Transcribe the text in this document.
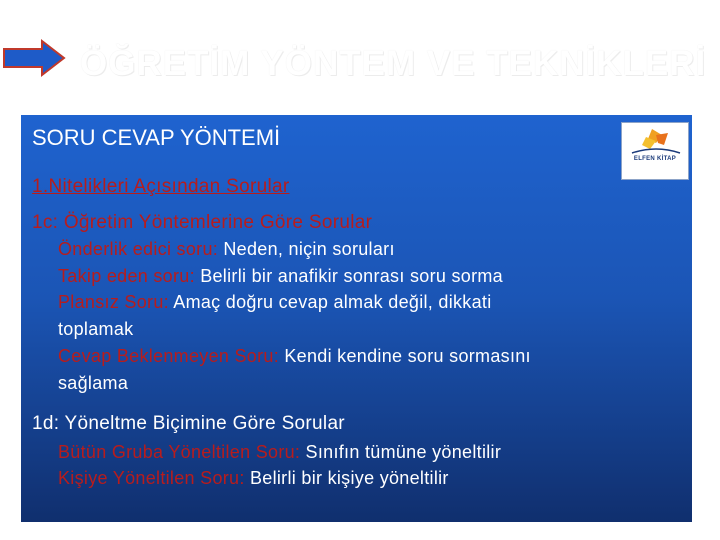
ÖĞRETİM YÖNTEM VE TEKNİKLERİ
SORU CEVAP YÖNTEMİ
ELFEN KİTAP
1.Nitelikleri Açısından Sorular
1c: Öğretim Yöntemlerine Göre Sorular
Önderlik edici soru: Neden, niçin soruları
Takip eden soru: Belirli bir anafikir sonrası soru sorma
Plansız Soru: Amaç doğru cevap almak değil, dikkati
toplamak
Cevap Beklenmeyen Soru: Kendi kendine soru sormasını
sağlama
1d: Yöneltme Biçimine Göre Sorular
Bütün Gruba Yöneltilen Soru: Sınıfın tümüne yöneltilir
Kişiye Yöneltilen Soru: Belirli bir kişiye yöneltilir
